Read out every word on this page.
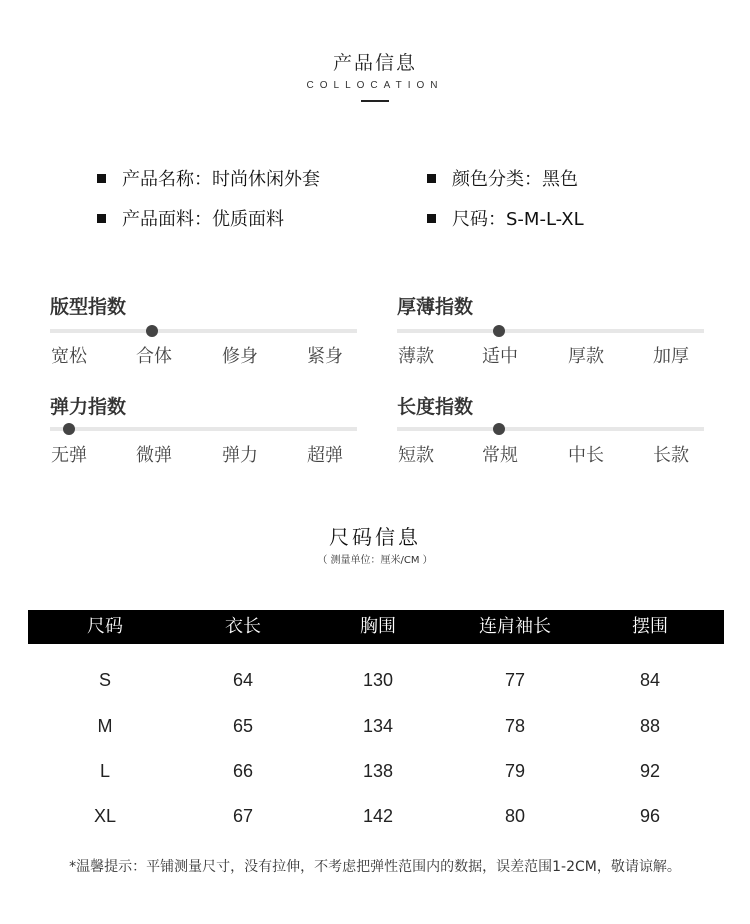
产品信息
COLLOCATION
产品名称：时尚休闲外套	颜色分类：黑色
产品面料：优质面料	尺码：S-M-L-XL
版型指数
宽松	合体	修身	紧身
厚薄指数
薄款	适中	厚款	加厚
弹力指数
无弹	微弹	弹力	超弹
长度指数
短款	常规	中长	长款
尺码信息
（ 测量单位：厘米/CM ）
尺码	衣长	胸围	连肩袖长	摆围
S	64	130	77	84
M	65	134	78	88
L	66	138	79	92
XL	67	142	80	96
*温馨提示：平铺测量尺寸，没有拉伸，不考虑把弹性范围内的数据，误差范围1-2CM，敬请谅解。
